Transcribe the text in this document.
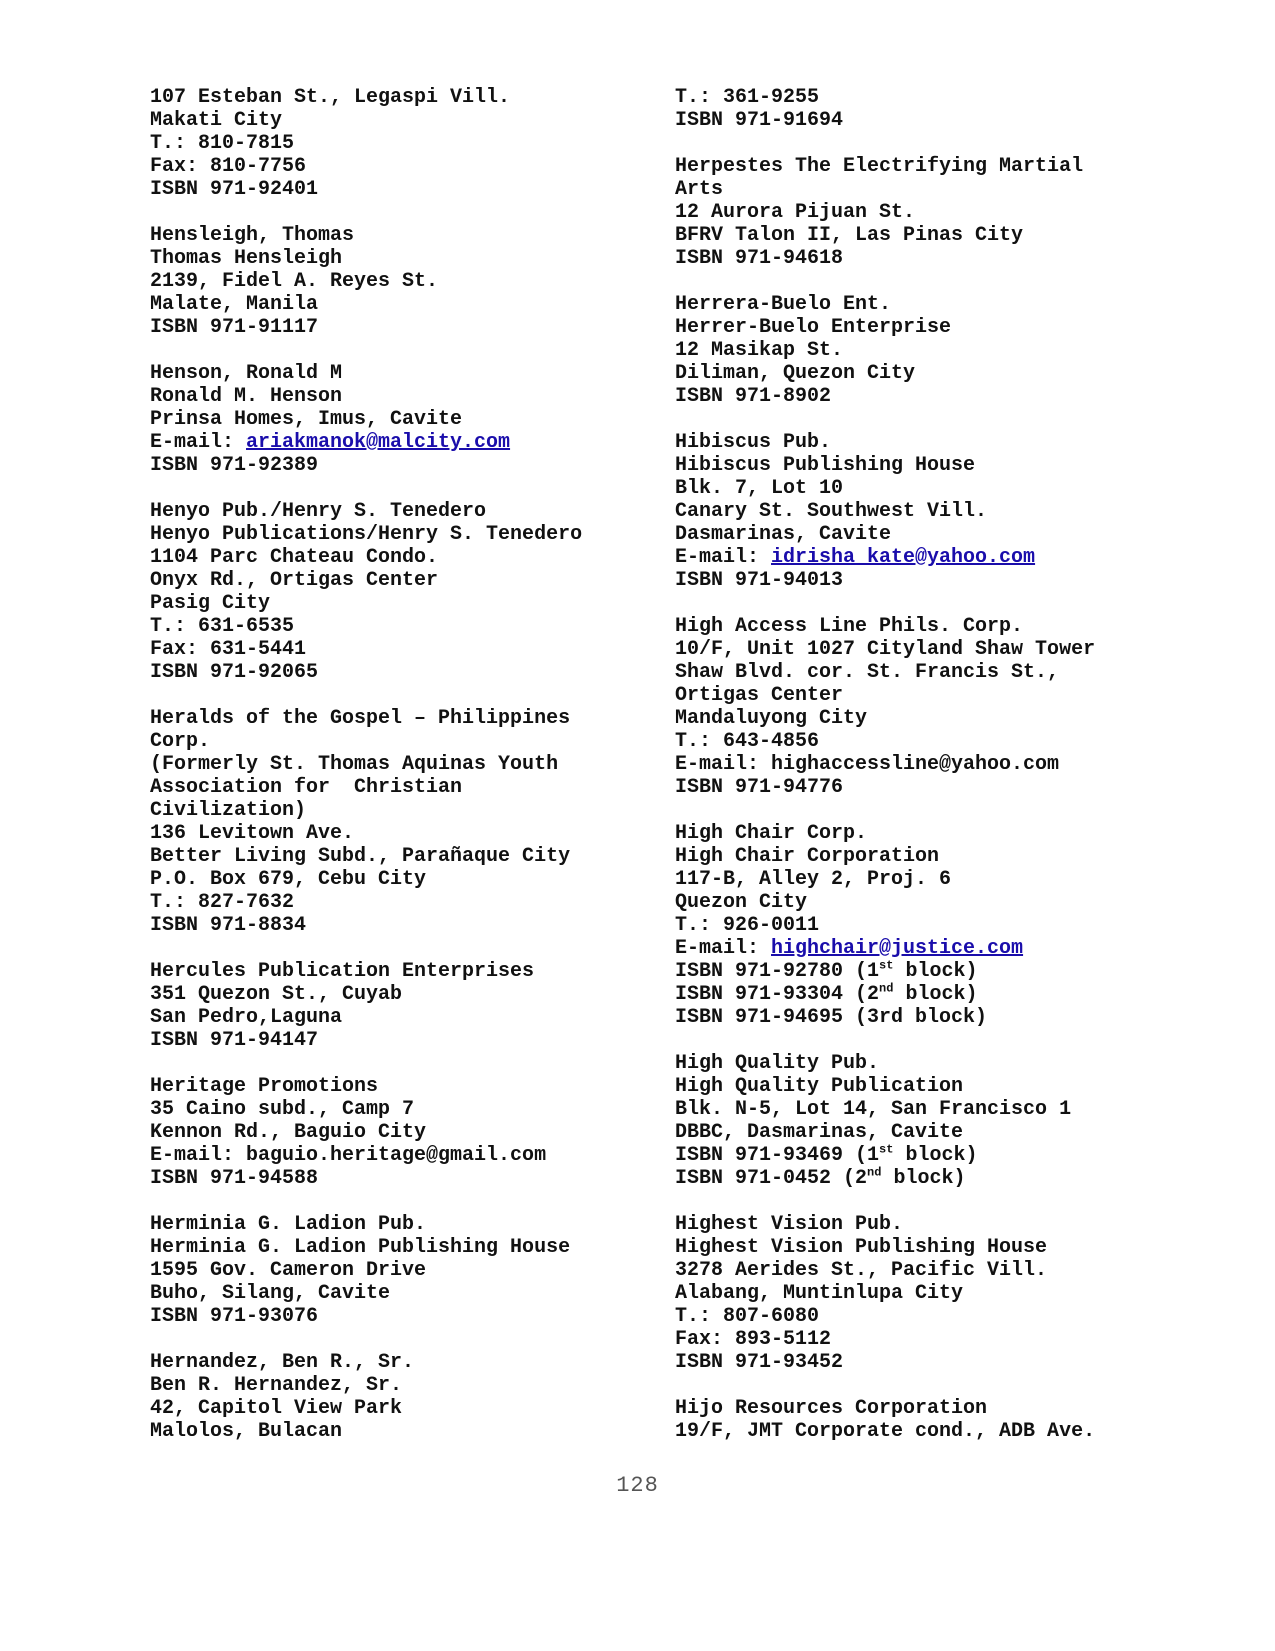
107 Esteban St., Legaspi Vill.
Makati City
T.: 810-7815
Fax: 810-7756
ISBN 971-92401
Hensleigh, Thomas
Thomas Hensleigh
2139, Fidel A. Reyes St.
Malate, Manila
ISBN 971-91117
Henson, Ronald M
Ronald M. Henson
Prinsa Homes, Imus, Cavite
E-mail: ariakmanok@malcity.com
ISBN 971-92389
Henyo Pub./Henry S. Tenedero
Henyo Publications/Henry S. Tenedero
1104 Parc Chateau Condo.
Onyx Rd., Ortigas Center
Pasig City
T.: 631-6535
Fax: 631-5441
ISBN 971-92065
Heralds of the Gospel – Philippines
Corp.
(Formerly St. Thomas Aquinas Youth
Association for  Christian
Civilization)
136 Levitown Ave.
Better Living Subd., Parañaque City
P.O. Box 679, Cebu City
T.: 827-7632
ISBN 971-8834
Hercules Publication Enterprises
351 Quezon St., Cuyab
San Pedro,Laguna
ISBN 971-94147
Heritage Promotions
35 Caino subd., Camp 7
Kennon Rd., Baguio City
E-mail: baguio.heritage@gmail.com
ISBN 971-94588
Herminia G. Ladion Pub.
Herminia G. Ladion Publishing House
1595 Gov. Cameron Drive
Buho, Silang, Cavite
ISBN 971-93076
Hernandez, Ben R., Sr.
Ben R. Hernandez, Sr.
42, Capitol View Park
Malolos, Bulacan
T.: 361-9255
ISBN 971-91694
Herpestes The Electrifying Martial
Arts
12 Aurora Pijuan St.
BFRV Talon II, Las Pinas City
ISBN 971-94618
Herrera-Buelo Ent.
Herrer-Buelo Enterprise
12 Masikap St.
Diliman, Quezon City
ISBN 971-8902
Hibiscus Pub.
Hibiscus Publishing House
Blk. 7, Lot 10
Canary St. Southwest Vill.
Dasmarinas, Cavite
E-mail: idrisha_kate@yahoo.com
ISBN 971-94013
High Access Line Phils. Corp.
10/F, Unit 1027 Cityland Shaw Tower
Shaw Blvd. cor. St. Francis St.,
Ortigas Center
Mandaluyong City
T.: 643-4856
E-mail: highaccessline@yahoo.com
ISBN 971-94776
High Chair Corp.
High Chair Corporation
117-B, Alley 2, Proj. 6
Quezon City
T.: 926-0011
E-mail: highchair@justice.com
ISBN 971-92780 (1st block)
ISBN 971-93304 (2nd block)
ISBN 971-94695 (3rd block)
High Quality Pub.
High Quality Publication
Blk. N-5, Lot 14, San Francisco 1
DBBC, Dasmarinas, Cavite
ISBN 971-93469 (1st block)
ISBN 971-0452 (2nd block)
Highest Vision Pub.
Highest Vision Publishing House
3278 Aerides St., Pacific Vill.
Alabang, Muntinlupa City
T.: 807-6080
Fax: 893-5112
ISBN 971-93452
Hijo Resources Corporation
19/F, JMT Corporate cond., ADB Ave.
128
